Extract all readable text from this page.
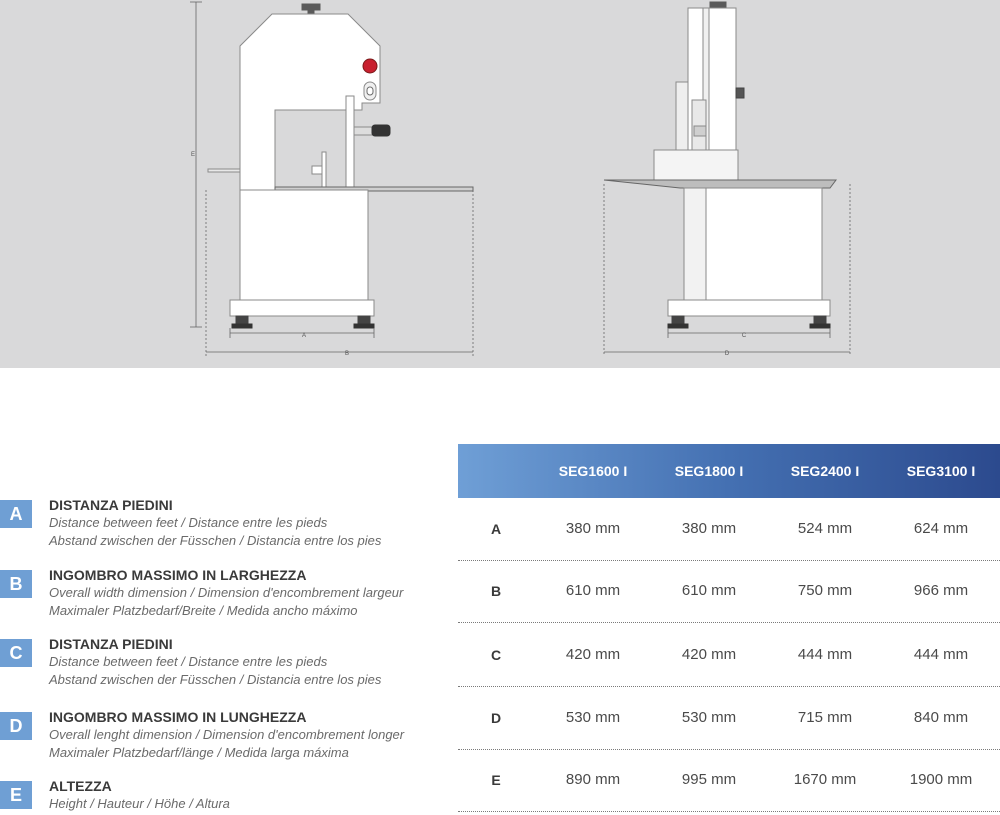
E
A
B
C
D
A	DISTANZA PIEDINI
Distance between feet / Distance entre les pieds
Abstand zwischen der Füsschen / Distancia entre los pies
B	INGOMBRO MASSIMO IN LARGHEZZA
Overall width dimension / Dimension d'encombrement largeur
Maximaler Platzbedarf/Breite / Medida ancho máximo
C	DISTANZA PIEDINI
Distance between feet / Distance entre les pieds
Abstand zwischen der Füsschen / Distancia entre los pies
D	INGOMBRO MASSIMO IN LUNGHEZZA
Overall lenght dimension / Dimension d'encombrement longer
Maximaler Platzbedarf/länge / Medida larga máxima
E	ALTEZZA
Height / Hauteur / Höhe / Altura
SEG1600 I	SEG1800 I	SEG2400 I	SEG3100 I
A	380 mm	380 mm	524 mm	624 mm
B	610 mm	610 mm	750 mm	966 mm
C	420 mm	420 mm	444 mm	444 mm
D	530 mm	530 mm	715 mm	840 mm
E	890 mm	995 mm	1670 mm	1900 mm
